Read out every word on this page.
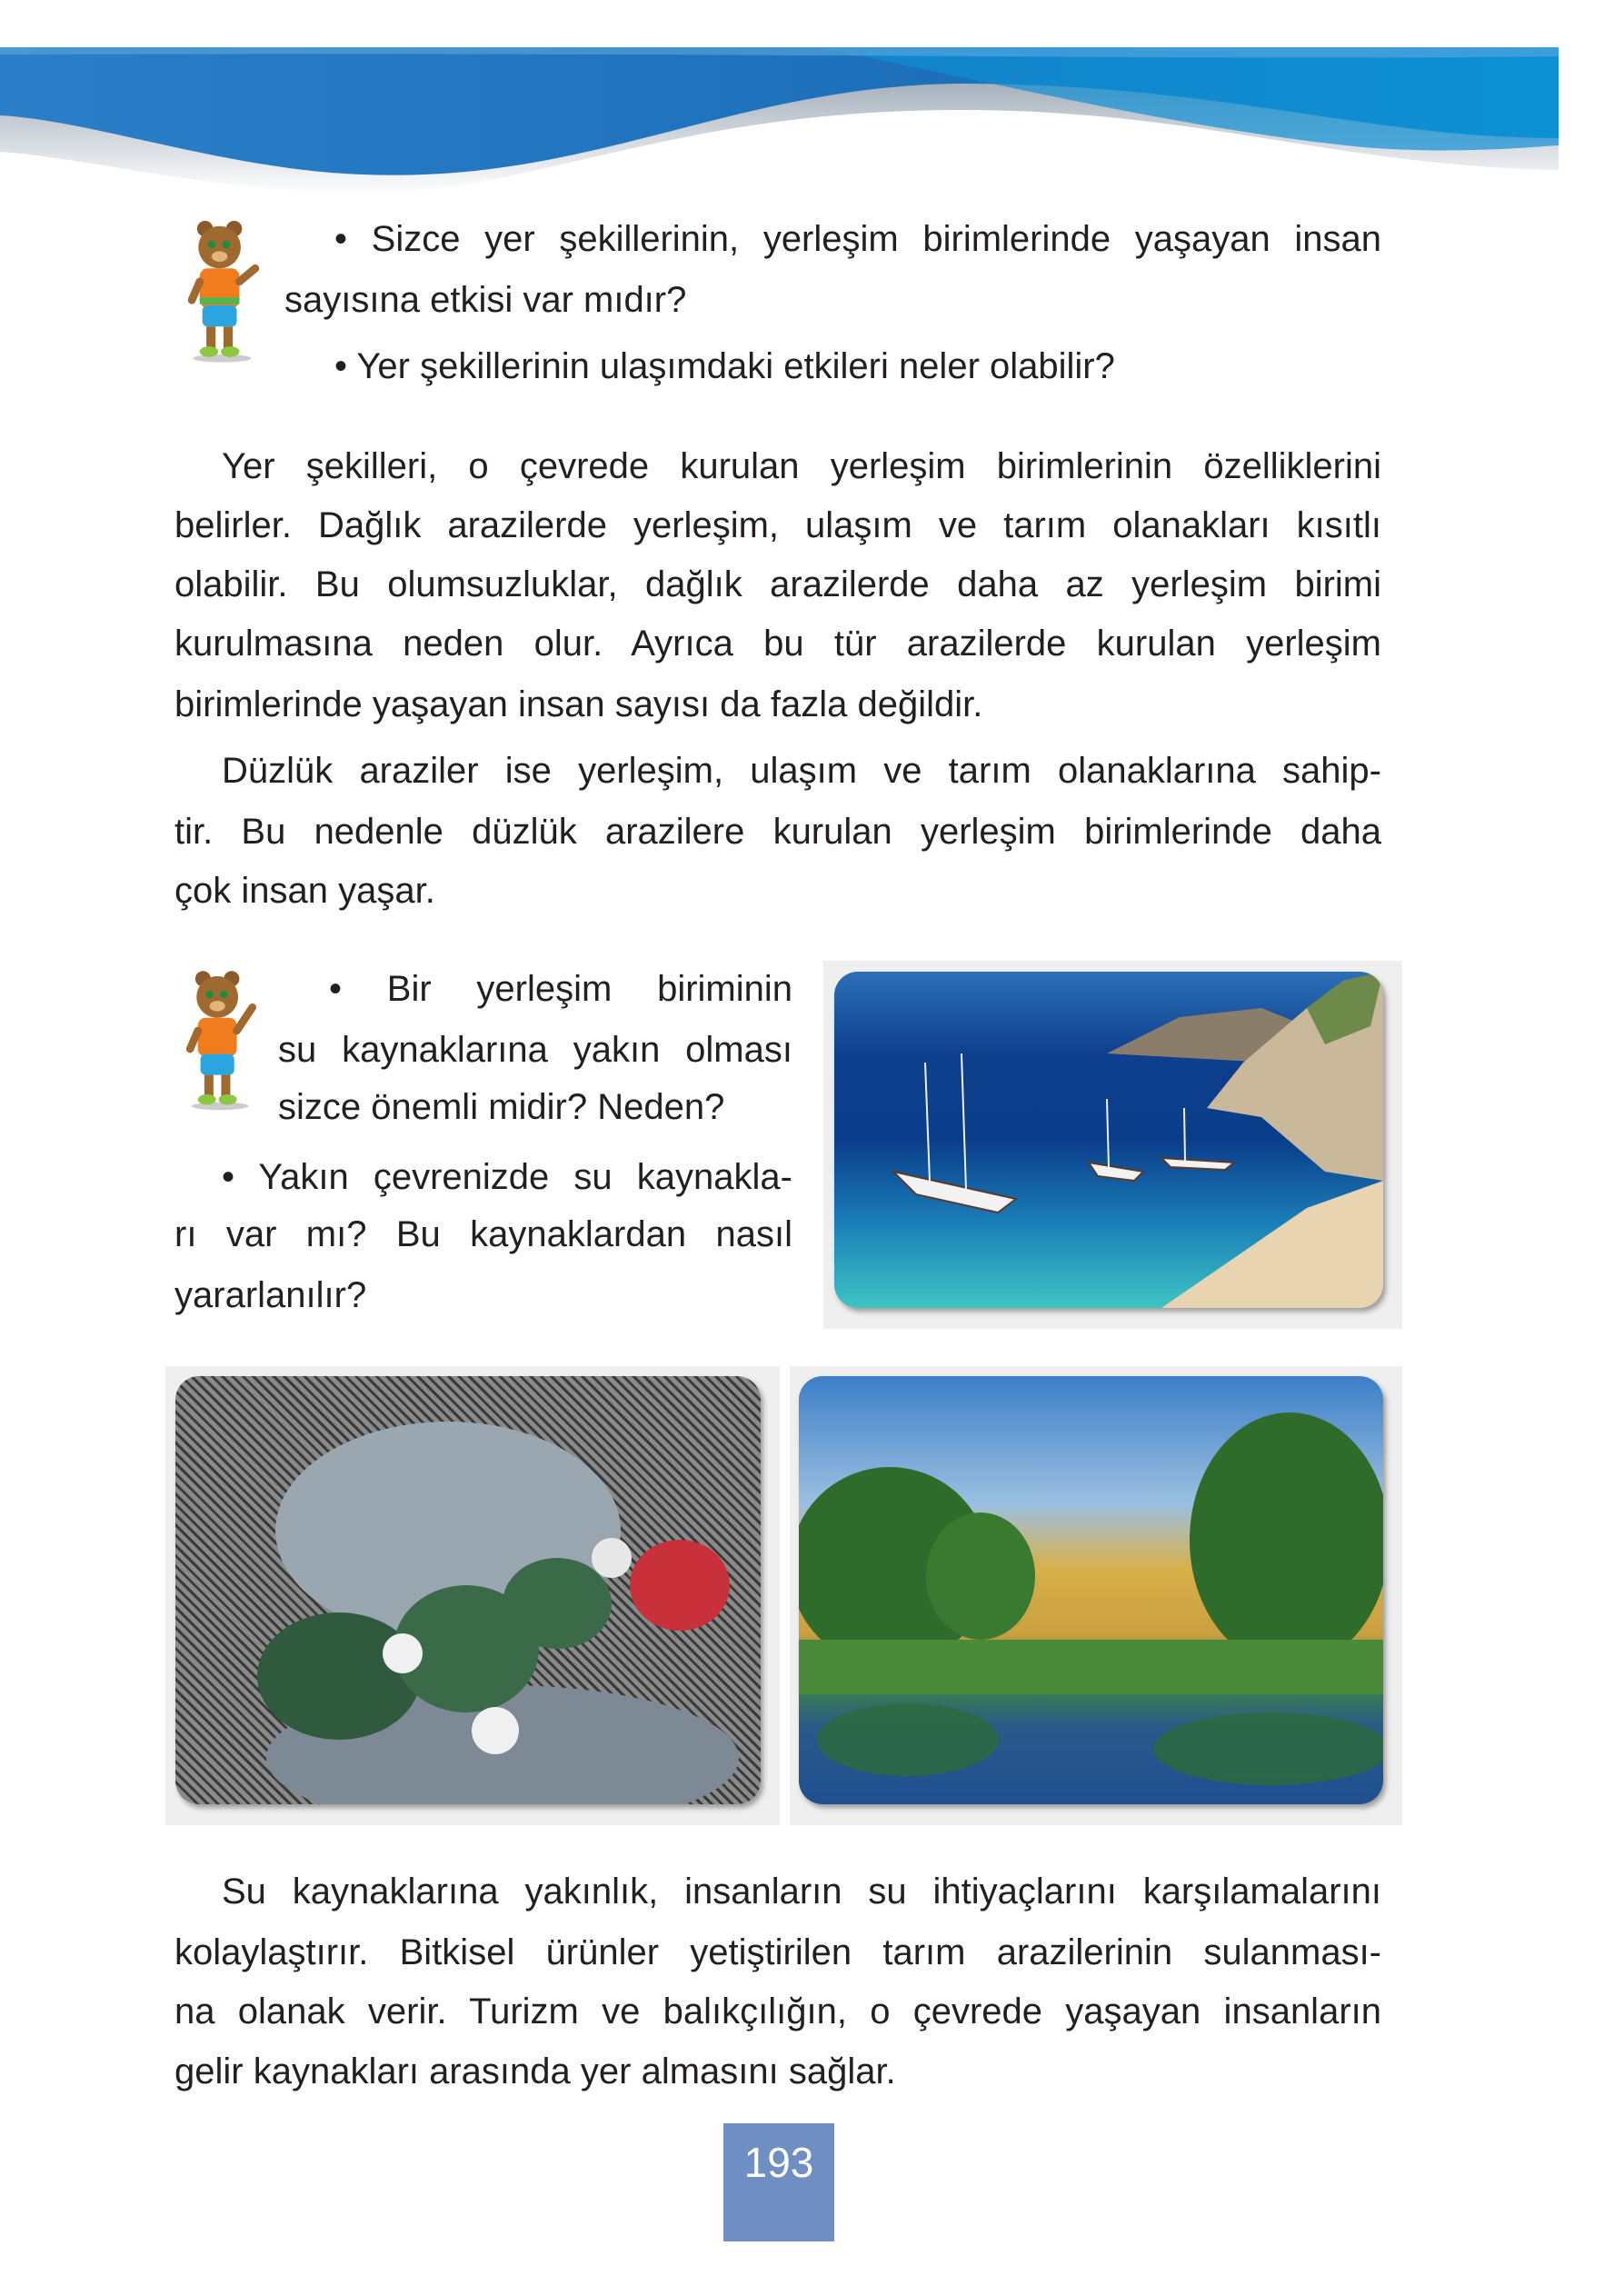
• Sizce yer şekillerinin, yerleşim birimlerinde yaşayan insan
sayısına etkisi var mıdır?
• Yer şekillerinin ulaşımdaki etkileri neler olabilir?
Yer şekilleri, o çevrede kurulan yerleşim birimlerinin özelliklerini
belirler. Dağlık arazilerde yerleşim, ulaşım ve tarım olanakları kısıtlı
olabilir. Bu olumsuzluklar, dağlık arazilerde daha az yerleşim birimi
kurulmasına neden olur. Ayrıca bu tür arazilerde kurulan yerleşim
birimlerinde yaşayan insan sayısı da fazla değildir.
Düzlük araziler ise yerleşim, ulaşım ve tarım olanaklarına sahip-
tir. Bu nedenle düzlük arazilere kurulan yerleşim birimlerinde daha
çok insan yaşar.
• Bir yerleşim biriminin
su kaynaklarına yakın olması
sizce önemli midir? Neden?
• Yakın çevrenizde su kaynakla-
rı var mı? Bu kaynaklardan nasıl
yararlanılır?
Su kaynaklarına yakınlık, insanların su ihtiyaçlarını karşılamalarını
kolaylaştırır. Bitkisel ürünler yetiştirilen tarım arazilerinin sulanması-
na olanak verir. Turizm ve balıkçılığın, o çevrede yaşayan insanların
gelir kaynakları arasında yer almasını sağlar.
193
